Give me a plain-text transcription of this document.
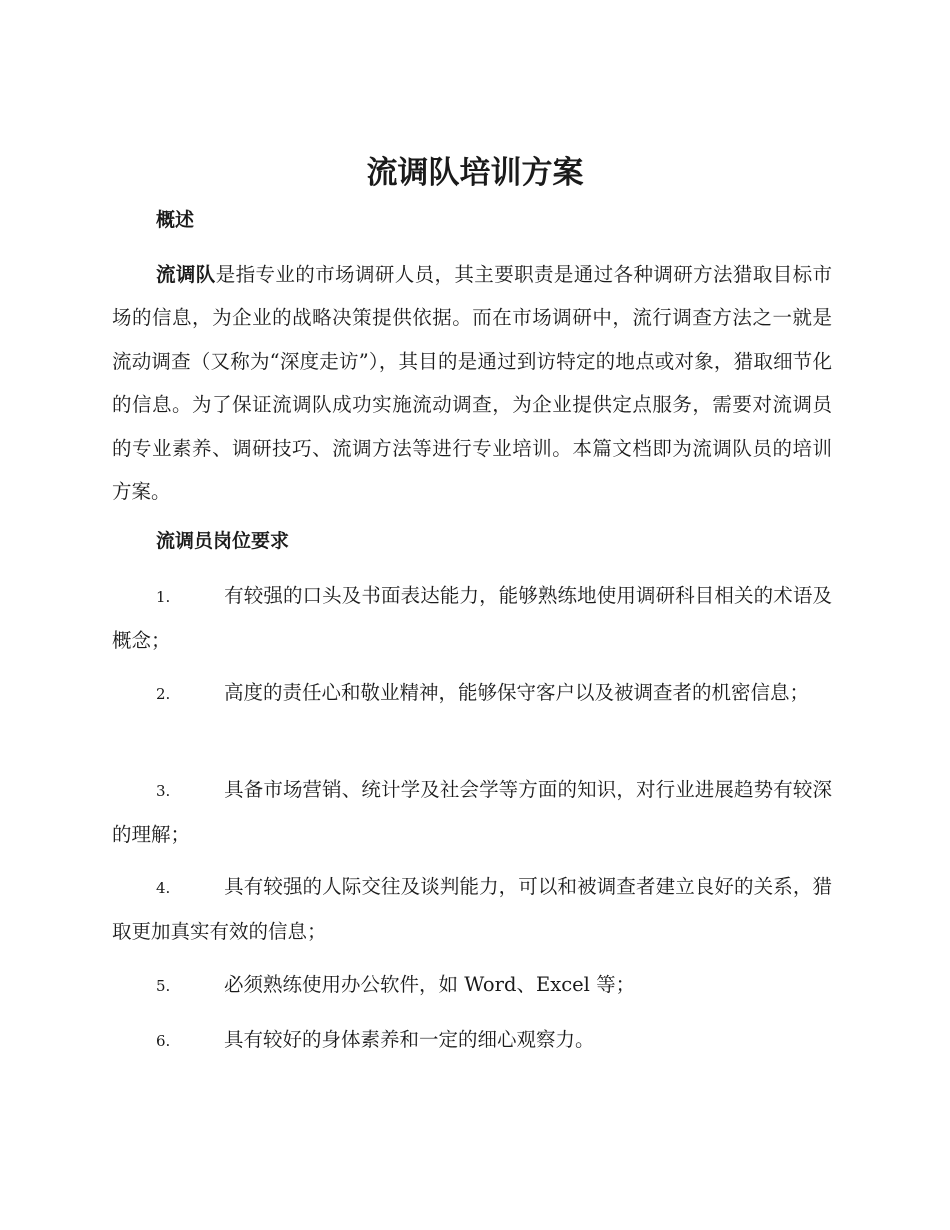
流调队培训方案
概述

流调队是指专业的市场调研人员，其主要职责是通过各种调研方法猎取目标市场的信息，为企业的战略决策提供依据。而在市场调研中，流行调查方法之一就是流动调查（又称为“深度走访”），其目的是通过到访特定的地点或对象，猎取细节化的信息。为了保证流调队成功实施流动调查，为企业提供定点服务，需要对流调员的专业素养、调研技巧、流调方法等进行专业培训。本篇文档即为流调队员的培训方案。

流调员岗位要求

1.	有较强的口头及书面表达能力，能够熟练地使用调研科目相关的术语及概念；

2.	高度的责任心和敬业精神，能够保守客户以及被调查者的机密信息；

3.	具备市场营销、统计学及社会学等方面的知识，对行业进展趋势有较深的理解；

4.	具有较强的人际交往及谈判能力，可以和被调查者建立良好的关系，猎取更加真实有效的信息；

5.	必须熟练使用办公软件，如 Word、Excel 等；

6.	具有较好的身体素养和一定的细心观察力。
